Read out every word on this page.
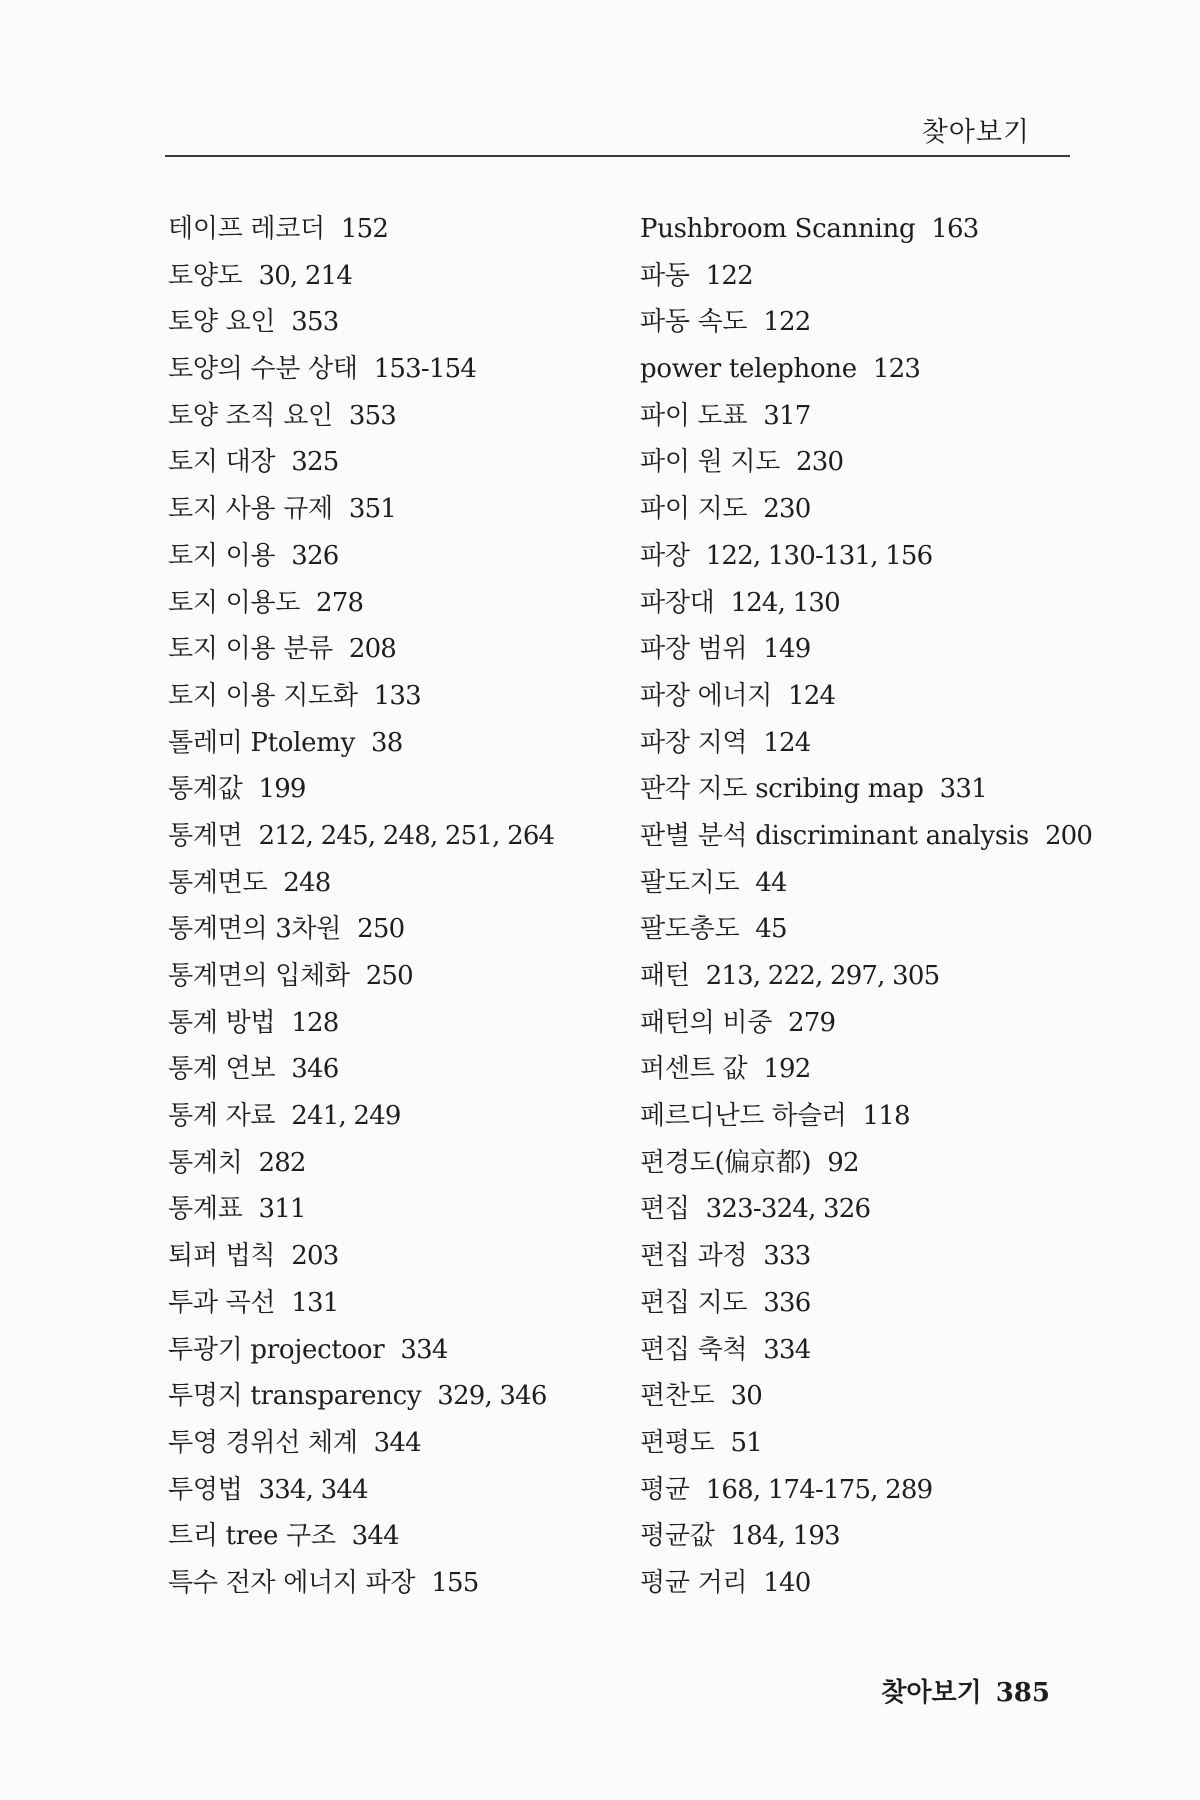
찾아보기
테이프 레코더 152
토양도 30, 214
토양 요인 353
토양의 수분 상태 153-154
토양 조직 요인 353
토지 대장 325
토지 사용 규제 351
토지 이용 326
토지 이용도 278
토지 이용 분류 208
토지 이용 지도화 133
톨레미 Ptolemy 38
통계값 199
통계면 212, 245, 248, 251, 264
통계면도 248
통계면의 3차원 250
통계면의 입체화 250
통계 방법 128
통계 연보 346
통계 자료 241, 249
통계치 282
통계표 311
퇴퍼 법칙 203
투과 곡선 131
투광기 projectoor 334
투명지 transparency 329, 346
투영 경위선 체계 344
투영법 334, 344
트리 tree 구조 344
특수 전자 에너지 파장 155
Pushbroom Scanning 163
파동 122
파동 속도 122
power telephone 123
파이 도표 317
파이 원 지도 230
파이 지도 230
파장 122, 130-131, 156
파장대 124, 130
파장 범위 149
파장 에너지 124
파장 지역 124
판각 지도 scribing map 331
판별 분석 discriminant analysis 200
팔도지도 44
팔도총도 45
패턴 213, 222, 297, 305
패턴의 비중 279
퍼센트 값 192
페르디난드 하슬러 118
편경도(偏京都) 92
편집 323-324, 326
편집 과정 333
편집 지도 336
편집 축척 334
편찬도 30
편평도 51
평균 168, 174-175, 289
평균값 184, 193
평균 거리 140
찾아보기 385
